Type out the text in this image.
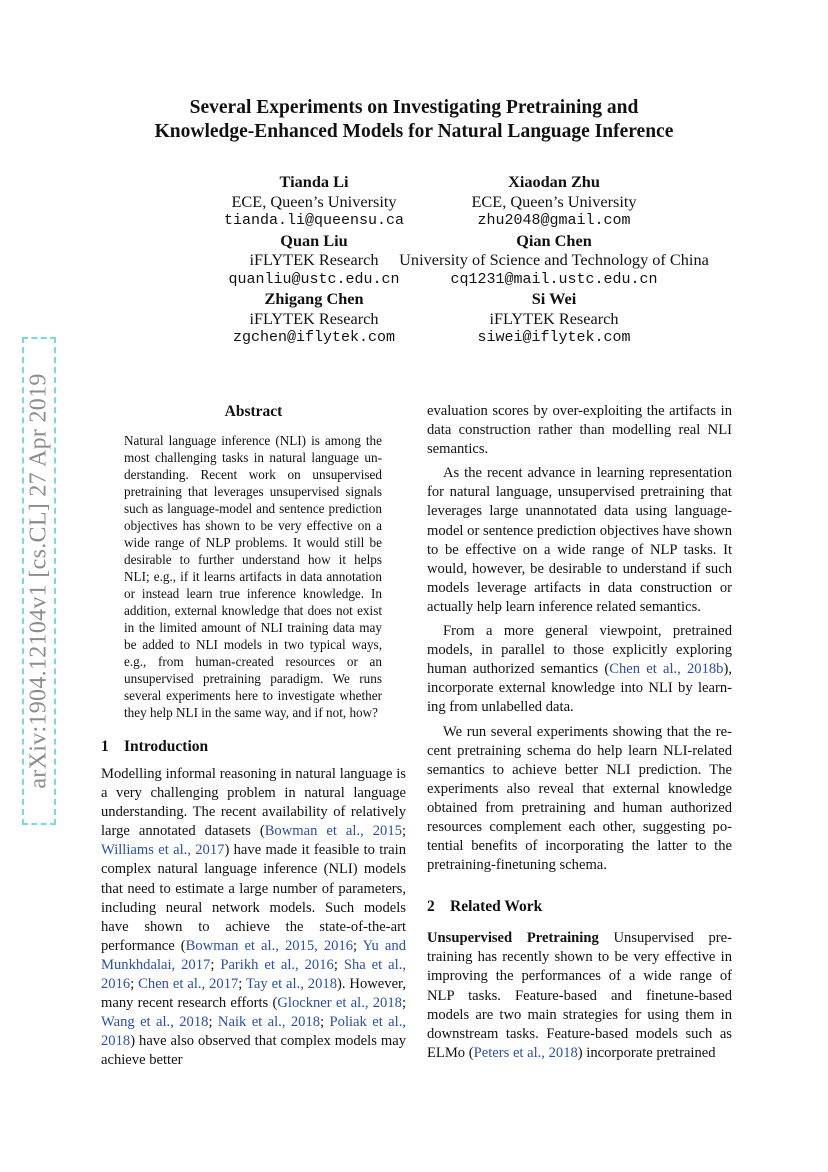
arXiv:1904.12104v1 [cs.CL] 27 Apr 2019
Several Experiments on Investigating Pretraining and
Knowledge-Enhanced Models for Natural Language Inference
Tianda Li
ECE, Queen’s University
tianda.li@queensu.ca
Quan Liu
iFLYTEK Research
quanliu@ustc.edu.cn
Zhigang Chen
iFLYTEK Research
zgchen@iflytek.com
Xiaodan Zhu
ECE, Queen’s University
zhu2048@gmail.com
Qian Chen
University of Science and Technology of China
cq1231@mail.ustc.edu.cn
Si Wei
iFLYTEK Research
siwei@iflytek.com
Abstract
Natural language inference (NLI) is among the most challenging tasks in natural language understanding. Recent work on unsupervised pretraining that leverages unsupervised signals such as language-model and sentence prediction objectives has shown to be very effective on a wide range of NLP problems. It would still be desirable to further understand how it helps NLI; e.g., if it learns artifacts in data annotation or instead learn true inference knowledge. In addition, external knowledge that does not exist in the limited amount of NLI training data may be added to NLI models in two typical ways, e.g., from human-created resources or an unsupervised pretraining paradigm. We runs several experiments here to investigate whether they help NLI in the same way, and if not, how?
1 Introduction

Modelling informal reasoning in natural language is a very challenging problem in natural language understanding. The recent availability of relatively large annotated datasets (Bowman et al., 2015; Williams et al., 2017) have made it feasible to train complex natural language inference (NLI) models that need to estimate a large number of parameters, including neural network models. Such models have shown to achieve the state-of-the-art performance (Bowman et al., 2015, 2016; Yu and Munkhdalai, 2017; Parikh et al., 2016; Sha et al., 2016; Chen et al., 2017; Tay et al., 2018). However, many recent research efforts (Glockner et al., 2018; Wang et al., 2018; Naik et al., 2018; Poliak et al., 2018) have also observed that complex models may achieve better

evaluation scores by over-exploiting the artifacts in data construction rather than modelling real NLI semantics.

As the recent advance in learning representation for natural language, unsupervised pretraining that leverages large unannotated data using language-model or sentence prediction objectives have shown to be effective on a wide range of NLP tasks. It would, however, be desirable to understand if such models leverage artifacts in data construction or actually help learn inference related semantics.

From a more general viewpoint, pretrained models, in parallel to those explicitly exploring human authorized semantics (Chen et al., 2018b), incorporate external knowledge into NLI by learning from unlabelled data.

We run several experiments showing that the recent pretraining schema do help learn NLI-related semantics to achieve better NLI prediction. The experiments also reveal that external knowledge obtained from pretraining and human authorized resources complement each other, suggesting potential benefits of incorporating the latter to the pretraining-finetuning schema.

2 Related Work

Unsupervised Pretraining Unsupervised pretraining has recently shown to be very effective in improving the performances of a wide range of NLP tasks. Feature-based and finetune-based models are two main strategies for using them in downstream tasks. Feature-based models such as ELMo (Peters et al., 2018) incorporate pretrained
